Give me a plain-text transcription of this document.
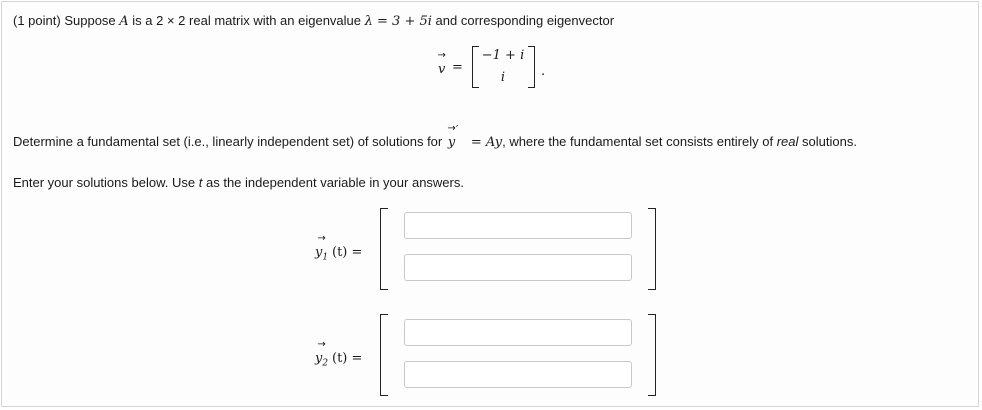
(1 point) Suppose A is a 2 × 2 real matrix with an eigenvalue λ = 3 + 5i and corresponding eigenvector
→
v =
−1 + i
i	.
Determine a fundamental set (i.e., linearly independent set) of solutions for
→
y
′
= Ay, where the fundamental set consists entirely of real solutions.
Enter your solutions below. Use t as the independent variable in your answers.
→
$y_1$ (t) =
→
$y_2$ (t) =
